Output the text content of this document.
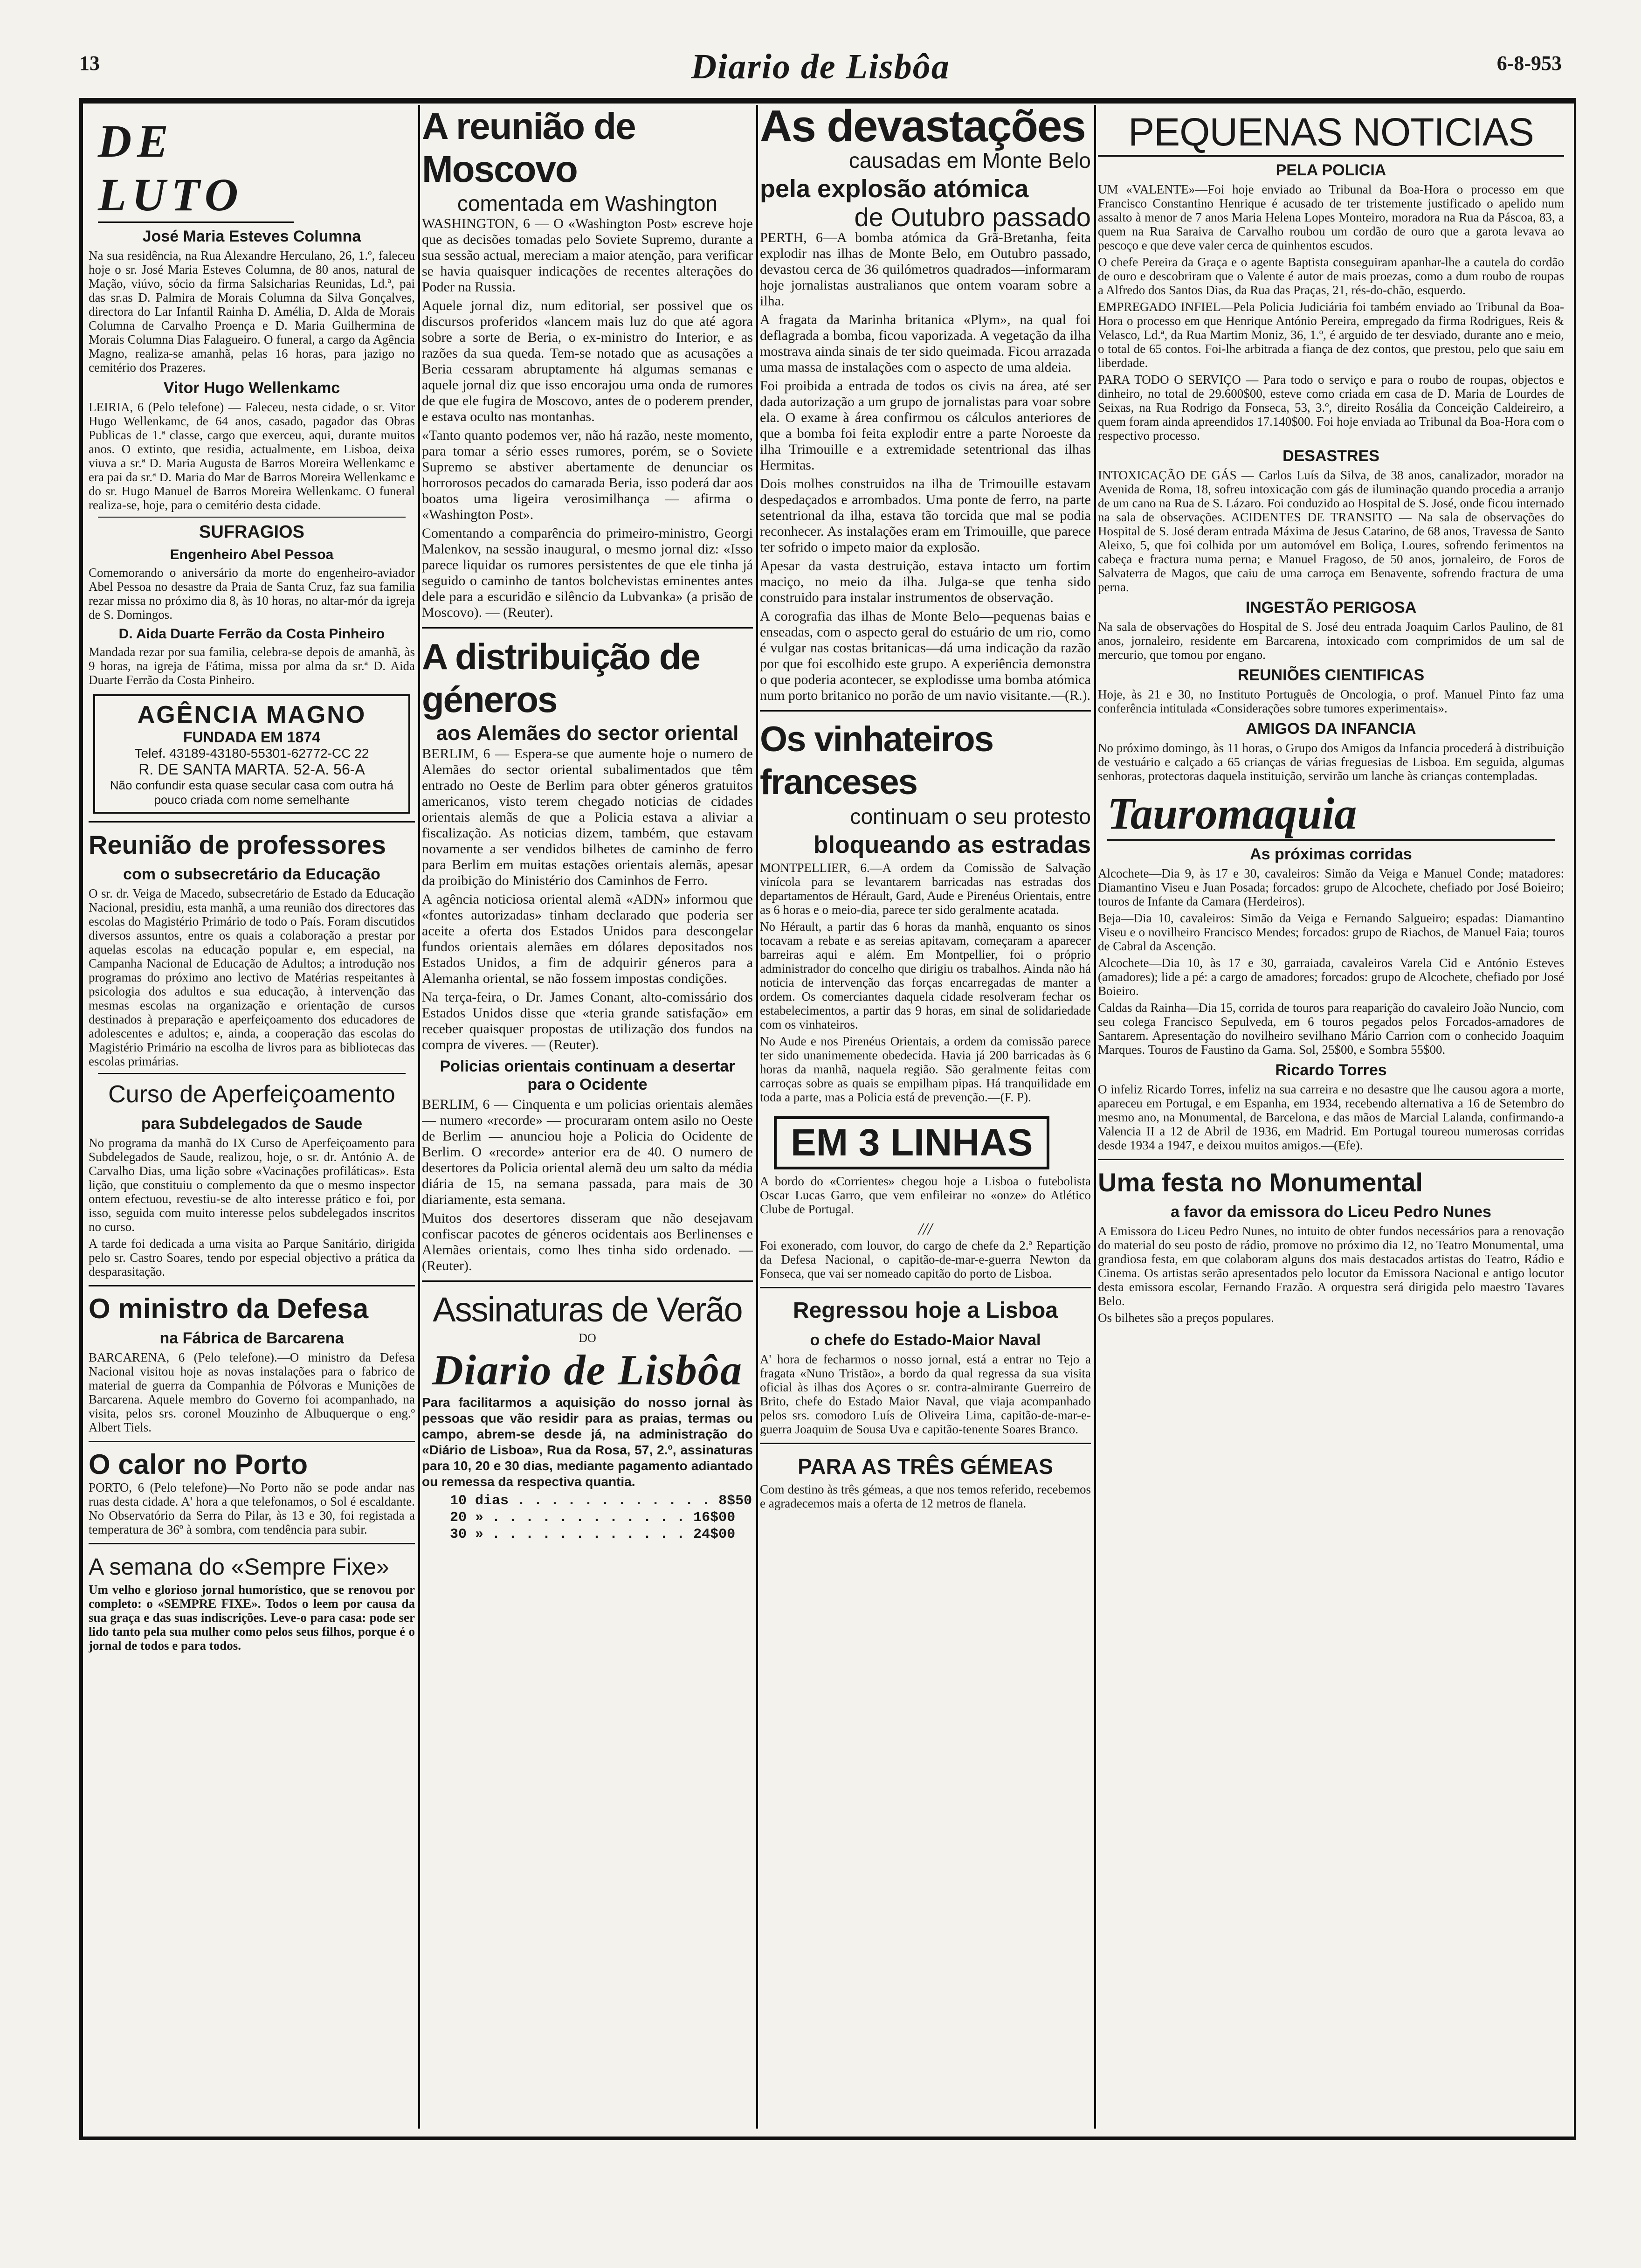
13	Diario de Lisbôa	6-8-953
DE LUTO
José Maria Esteves Columna

Na sua residência, na Rua Alexandre Herculano, 26, 1.º, faleceu hoje o sr. José Maria Esteves Columna, de 80 anos, natural de Mação, viúvo, sócio da firma Salsicharias Reunidas, Ld.ª, pai das sr.as D. Palmira de Morais Columna da Silva Gonçalves, directora do Lar Infantil Rainha D. Amélia, D. Alda de Morais Columna de Carvalho Proença e D. Maria Guilhermina de Morais Columna Dias Falagueiro. O funeral, a cargo da Agência Magno, realiza-se amanhã, pelas 16 horas, para jazigo no cemitério dos Prazeres.

Vitor Hugo Wellenkamc

LEIRIA, 6 (Pelo telefone) — Faleceu, nesta cidade, o sr. Vitor Hugo Wellenkamc, de 64 anos, casado, pagador das Obras Publicas de 1.ª classe, cargo que exerceu, aqui, durante muitos anos. O extinto, que residia, actualmente, em Lisboa, deixa viuva a sr.ª D. Maria Augusta de Barros Moreira Wellenkamc e era pai da sr.ª D. Maria do Mar de Barros Moreira Wellenkamc e do sr. Hugo Manuel de Barros Moreira Wellenkamc. O funeral realiza-se, hoje, para o cemitério desta cidade.

SUFRAGIOS
Engenheiro Abel Pessoa

Comemorando o aniversário da morte do engenheiro-aviador Abel Pessoa no desastre da Praia de Santa Cruz, faz sua familia rezar missa no próximo dia 8, às 10 horas, no altar-mór da igreja de S. Domingos.

D. Aida Duarte Ferrão da Costa Pinheiro

Mandada rezar por sua familia, celebra-se depois de amanhã, às 9 horas, na igreja de Fátima, missa por alma da sr.ª D. Aida Duarte Ferrão da Costa Pinheiro.

AGÊNCIA MAGNO
FUNDADA EM 1874
Telef. 43189-43180-55301-62772-CC 22
R. DE SANTA MARTA. 52-A. 56-A
Não confundir esta quase secular casa com outra há pouco criada com nome semelhante
Reunião de professores
com o subsecretário da Educação

O sr. dr. Veiga de Macedo, subsecretário de Estado da Educação Nacional, presidiu, esta manhã, a uma reunião dos directores das escolas do Magistério Primário de todo o País. Foram discutidos diversos assuntos, entre os quais a colaboração a prestar por aquelas escolas na educação popular e, em especial, na Campanha Nacional de Educação de Adultos; a introdução nos programas do próximo ano lectivo de Matérias respeitantes à psicologia dos adultos e sua educação, à intervenção das mesmas escolas na organização e orientação de cursos destinados à preparação e aperfeiçoamento dos educadores de adolescentes e adultos; e, ainda, a cooperação das escolas do Magistério Primário na escolha de livros para as bibliotecas das escolas primárias.

Curso de Aperfeiçoamento
para Subdelegados de Saude

No programa da manhã do IX Curso de Aperfeiçoamento para Subdelegados de Saude, realizou, hoje, o sr. dr. António A. de Carvalho Dias, uma lição sobre «Vacinações profiláticas». Esta lição, que constituiu o complemento da que o mesmo inspector ontem efectuou, revestiu-se de alto interesse prático e foi, por isso, seguida com muito interesse pelos subdelegados inscritos no curso.

A tarde foi dedicada a uma visita ao Parque Sanitário, dirigida pelo sr. Castro Soares, tendo por especial objectivo a prática da desparasitação.

O ministro da Defesa
na Fábrica de Barcarena

BARCARENA, 6 (Pelo telefone).—O ministro da Defesa Nacional visitou hoje as novas instalações para o fabrico de material de guerra da Companhia de Pólvoras e Munições de Barcarena. Aquele membro do Governo foi acompanhado, na visita, pelos srs. coronel Mouzinho de Albuquerque o eng.º Albert Tiels.

O calor no Porto

PORTO, 6 (Pelo telefone)—No Porto não se pode andar nas ruas desta cidade. A' hora a que telefonamos, o Sol é escaldante. No Observatório da Serra do Pilar, às 13 e 30, foi registada a temperatura de 36º à sombra, com tendência para subir.

A semana do «Sempre Fixe»

Um velho e glorioso jornal humorístico, que se renovou por completo: o «SEMPRE FIXE». Todos o leem por causa da sua graça e das suas indiscrições. Leve-o para casa: pode ser lido tanto pela sua mulher como pelos seus filhos, porque é o jornal de todos e para todos.

A reunião de Moscovo
comentada em Washington

WASHINGTON, 6 — O «Washington Post» escreve hoje que as decisões tomadas pelo Soviete Supremo, durante a sua sessão actual, mereciam a maior atenção, para verificar se havia quaisquer indicações de recentes alterações do Poder na Russia.

Aquele jornal diz, num editorial, ser possivel que os discursos proferidos «lancem mais luz do que até agora sobre a sorte de Beria, o ex-ministro do Interior, e as razões da sua queda. Tem-se notado que as acusações a Beria cessaram abruptamente há algumas semanas e aquele jornal diz que isso encorajou uma onda de rumores de que ele fugira de Moscovo, antes de o poderem prender, e estava oculto nas montanhas.

«Tanto quanto podemos ver, não há razão, neste momento, para tomar a sério esses rumores, porém, se o Soviete Supremo se abstiver abertamente de denunciar os horrorosos pecados do camarada Beria, isso poderá dar aos boatos uma ligeira verosimilhança — afirma o «Washington Post».

Comentando a comparência do primeiro-ministro, Georgi Malenkov, na sessão inaugural, o mesmo jornal diz: «Isso parece liquidar os rumores persistentes de que ele tinha já seguido o caminho de tantos bolchevistas eminentes antes dele para a escuridão e silêncio da Lubvanka» (a prisão de Moscovo). — (Reuter).

A distribuição de géneros
aos Alemães do sector oriental

BERLIM, 6 — Espera-se que aumente hoje o numero de Alemães do sector oriental subalimentados que têm entrado no Oeste de Berlim para obter géneros gratuitos americanos, visto terem chegado noticias de cidades orientais alemãs de que a Policia estava a aliviar a fiscalização. As noticias dizem, também, que estavam novamente a ser vendidos bilhetes de caminho de ferro para Berlim em muitas estações orientais alemãs, apesar da proibição do Ministério dos Caminhos de Ferro.

A agência noticiosa oriental alemã «ADN» informou que «fontes autorizadas» tinham declarado que poderia ser aceite a oferta dos Estados Unidos para descongelar fundos orientais alemães em dólares depositados nos Estados Unidos, a fim de adquirir géneros para a Alemanha oriental, se não fossem impostas condições.

Na terça-feira, o Dr. James Conant, alto-comissário dos Estados Unidos disse que «teria grande satisfação» em receber quaisquer propostas de utilização dos fundos na compra de viveres. — (Reuter).

Policias orientais continuam a desertar para o Ocidente

BERLIM, 6 — Cinquenta e um policias orientais alemães — numero «recorde» — procuraram ontem asilo no Oeste de Berlim — anunciou hoje a Policia do Ocidente de Berlim. O «recorde» anterior era de 40. O numero de desertores da Policia oriental alemã deu um salto da média diária de 15, na semana passada, para mais de 30 diariamente, esta semana.

Muitos dos desertores disseram que não desejavam confiscar pacotes de géneros ocidentais aos Berlinenses e Alemães orientais, como lhes tinha sido ordenado. — (Reuter).

Assinaturas de Verão
DO
Diario de Lisbôa

Para facilitarmos a aquisição do nosso jornal às pessoas que vão residir para as praias, termas ou campo, abrem-se desde já, na administração do «Diário de Lisboa», Rua da Rosa, 57, 2.º, assinaturas para 10, 20 e 30 dias, mediante pagamento adiantado ou remessa da respectiva quantia.

10 dias . . . . . . . . . . . . 8$50
20 » . . . . . . . . . . . . 16$00
30 » . . . . . . . . . . . . 24$00
As devastações
causadas em Monte Belo
pela explosão atómica
de Outubro passado

PERTH, 6—A bomba atómica da Grã-Bretanha, feita explodir nas ilhas de Monte Belo, em Outubro passado, devastou cerca de 36 quilómetros quadrados—informaram hoje jornalistas australianos que ontem voaram sobre a ilha.

A fragata da Marinha britanica «Plym», na qual foi deflagrada a bomba, ficou vaporizada. A vegetação da ilha mostrava ainda sinais de ter sido queimada. Ficou arrazada uma massa de instalações com o aspecto de uma aldeia.

Foi proibida a entrada de todos os civis na área, até ser dada autorização a um grupo de jornalistas para voar sobre ela. O exame à área confirmou os cálculos anteriores de que a bomba foi feita explodir entre a parte Noroeste da ilha Trimouille e a extremidade setentrional das ilhas Hermitas.

Dois molhes construidos na ilha de Trimouille estavam despedaçados e arrombados. Uma ponte de ferro, na parte setentrional da ilha, estava tão torcida que mal se podia reconhecer. As instalações eram em Trimouille, que parece ter sofrido o impeto maior da explosão.

Apesar da vasta destruição, estava intacto um fortim maciço, no meio da ilha. Julga-se que tenha sido construido para instalar instrumentos de observação.

A corografia das ilhas de Monte Belo—pequenas baias e enseadas, com o aspecto geral do estuário de um rio, como é vulgar nas costas britanicas—dá uma indicação da razão por que foi escolhido este grupo. A experiência demonstra o que poderia acontecer, se explodisse uma bomba atómica num porto britanico no porão de um navio visitante.—(R.).

Os vinhateiros franceses
continuam o seu protesto
bloqueando as estradas

MONTPELLIER, 6.—A ordem da Comissão de Salvação vinícola para se levantarem barricadas nas estradas dos departamentos de Hérault, Gard, Aude e Pirenéus Orientais, entre as 6 horas e o meio-dia, parece ter sido geralmente acatada.

No Hérault, a partir das 6 horas da manhã, enquanto os sinos tocavam a rebate e as sereias apitavam, começaram a aparecer barreiras aqui e além. Em Montpellier, foi o próprio administrador do concelho que dirigiu os trabalhos. Ainda não há noticia de intervenção das forças encarregadas de manter a ordem. Os comerciantes daquela cidade resolveram fechar os estabelecimentos, a partir das 9 horas, em sinal de solidariedade com os vinhateiros.

No Aude e nos Pirenéus Orientais, a ordem da comissão parece ter sido unanimemente obedecida. Havia já 200 barricadas às 6 horas da manhã, naquela região. São geralmente feitas com carroças sobre as quais se empilham pipas. Há tranquilidade em toda a parte, mas a Policia está de prevenção.—(F. P).

EM 3 LINHAS

A bordo do «Corrientes» chegou hoje a Lisboa o futebolista Oscar Lucas Garro, que vem enfileirar no «onze» do Atlético Clube de Portugal.

///

Foi exonerado, com louvor, do cargo de chefe da 2.ª Repartição da Defesa Nacional, o capitão-de-mar-e-guerra Newton da Fonseca, que vai ser nomeado capitão do porto de Lisboa.

Regressou hoje a Lisboa
o chefe do Estado-Maior Naval

A' hora de fecharmos o nosso jornal, está a entrar no Tejo a fragata «Nuno Tristão», a bordo da qual regressa da sua visita oficial às ilhas dos Açores o sr. contra-almirante Guerreiro de Brito, chefe do Estado Maior Naval, que viaja acompanhado pelos srs. comodoro Luís de Oliveira Lima, capitão-de-mar-e-guerra Joaquim de Sousa Uva e capitão-tenente Soares Branco.

PARA AS TRÊS GÉMEAS

Com destino às três gémeas, a que nos temos referido, recebemos e agradecemos mais a oferta de 12 metros de flanela.

PEQUENAS NOTICIAS
PELA POLICIA

UM «VALENTE»—Foi hoje enviado ao Tribunal da Boa-Hora o processo em que Francisco Constantino Henrique é acusado de ter tristemente justificado o apelido num assalto à menor de 7 anos Maria Helena Lopes Monteiro, moradora na Rua da Páscoa, 83, a quem na Rua Saraiva de Carvalho roubou um cordão de ouro que a garota levava ao pescoço e que deve valer cerca de quinhentos escudos.

O chefe Pereira da Graça e o agente Baptista conseguiram apanhar-lhe a cautela do cordão de ouro e descobriram que o Valente é autor de mais proezas, como a dum roubo de roupas a Alfredo dos Santos Dias, da Rua das Praças, 21, rés-do-chão, esquerdo.

EMPREGADO INFIEL—Pela Policia Judiciária foi também enviado ao Tribunal da Boa-Hora o processo em que Henrique António Pereira, empregado da firma Rodrigues, Reis & Velasco, Ld.ª, da Rua Martim Moniz, 36, 1.º, é arguido de ter desviado, durante ano e meio, o total de 65 contos. Foi-lhe arbitrada a fiança de dez contos, que prestou, pelo que saiu em liberdade.

PARA TODO O SERVIÇO — Para todo o serviço e para o roubo de roupas, objectos e dinheiro, no total de 29.600$00, esteve como criada em casa de D. Maria de Lourdes de Seixas, na Rua Rodrigo da Fonseca, 53, 3.º, direito Rosália da Conceição Caldeireiro, a quem foram ainda apreendidos 17.140$00. Foi hoje enviada ao Tribunal da Boa-Hora com o respectivo processo.

DESASTRES

INTOXICAÇÃO DE GÁS — Carlos Luís da Silva, de 38 anos, canalizador, morador na Avenida de Roma, 18, sofreu intoxicação com gás de iluminação quando procedia a arranjo de um cano na Rua de S. Lázaro. Foi conduzido ao Hospital de S. José, onde ficou internado na sala de observações. ACIDENTES DE TRANSITO — Na sala de observações do Hospital de S. José deram entrada Máxima de Jesus Catarino, de 68 anos, Travessa de Santo Aleixo, 5, que foi colhida por um automóvel em Boliça, Loures, sofrendo ferimentos na cabeça e fractura numa perna; e Manuel Fragoso, de 50 anos, jornaleiro, de Foros de Salvaterra de Magos, que caiu de uma carroça em Benavente, sofrendo fractura de uma perna.

INGESTÃO PERIGOSA

Na sala de observações do Hospital de S. José deu entrada Joaquim Carlos Paulino, de 81 anos, jornaleiro, residente em Barcarena, intoxicado com comprimidos de um sal de mercurio, que tomou por engano.

REUNIÕES CIENTIFICAS

Hoje, às 21 e 30, no Instituto Português de Oncologia, o prof. Manuel Pinto faz uma conferência intitulada «Considerações sobre tumores experimentais».

AMIGOS DA INFANCIA

No próximo domingo, às 11 horas, o Grupo dos Amigos da Infancia procederá à distribuição de vestuário e calçado a 65 crianças de várias freguesias de Lisboa. Em seguida, algumas senhoras, protectoras daquela instituição, servirão um lanche às crianças contempladas.

Tauromaquia
As próximas corridas

Alcochete—Dia 9, às 17 e 30, cavaleiros: Simão da Veiga e Manuel Conde; matadores: Diamantino Viseu e Juan Posada; forcados: grupo de Alcochete, chefiado por José Boieiro; touros de Infante da Camara (Herdeiros).

Beja—Dia 10, cavaleiros: Simão da Veiga e Fernando Salgueiro; espadas: Diamantino Viseu e o novilheiro Francisco Mendes; forcados: grupo de Riachos, de Manuel Faia; touros de Cabral da Ascenção.

Alcochete—Dia 10, às 17 e 30, garraiada, cavaleiros Varela Cid e António Esteves (amadores); lide a pé: a cargo de amadores; forcados: grupo de Alcochete, chefiado por José Boieiro.

Caldas da Rainha—Dia 15, corrida de touros para reaparição do cavaleiro João Nuncio, com seu colega Francisco Sepulveda, em 6 touros pegados pelos Forcados-amadores de Santarem. Apresentação do novilheiro sevilhano Mário Carrion com o conhecido Joaquim Marques. Touros de Faustino da Gama. Sol, 25$00, e Sombra 55$00.

Ricardo Torres

O infeliz Ricardo Torres, infeliz na sua carreira e no desastre que lhe causou agora a morte, apareceu em Portugal, e em Espanha, em 1934, recebendo alternativa a 16 de Setembro do mesmo ano, na Monumental, de Barcelona, e das mãos de Marcial Lalanda, confirmando-a Valencia II a 12 de Abril de 1936, em Madrid. Em Portugal toureou numerosas corridas desde 1934 a 1947, e deixou muitos amigos.—(Efe).

Uma festa no Monumental
a favor da emissora do Liceu Pedro Nunes

A Emissora do Liceu Pedro Nunes, no intuito de obter fundos necessários para a renovação do material do seu posto de rádio, promove no próximo dia 12, no Teatro Monumental, uma grandiosa festa, em que colaboram alguns dos mais destacados artistas do Teatro, Rádio e Cinema. Os artistas serão apresentados pelo locutor da Emissora Nacional e antigo locutor desta emissora escolar, Fernando Frazão. A orquestra será dirigida pelo maestro Tavares Belo.

Os bilhetes são a preços populares.
